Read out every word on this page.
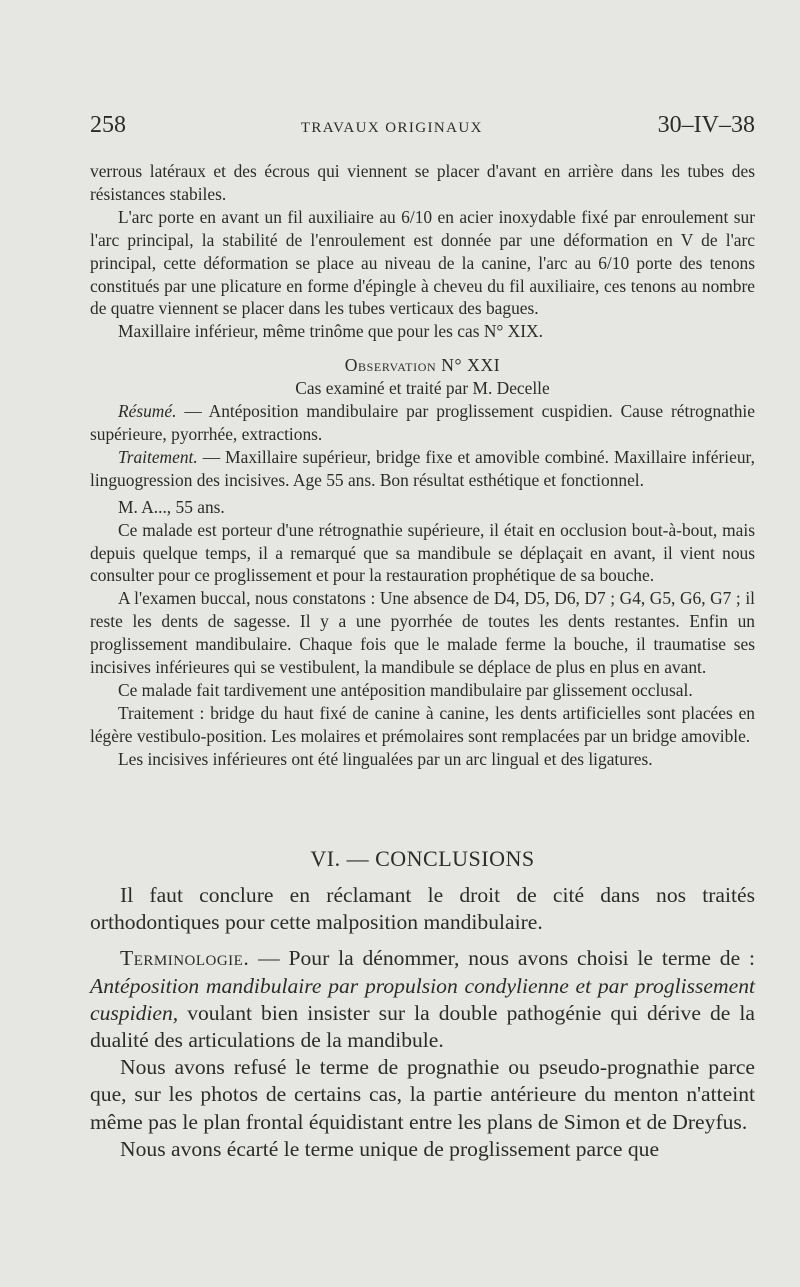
258	TRAVAUX ORIGINAUX	30–IV–38

verrous latéraux et des écrous qui viennent se placer d'avant en arrière dans les tubes des résistances stabiles.

L'arc porte en avant un fil auxiliaire au 6/10 en acier inoxydable fixé par enroulement sur l'arc principal, la stabilité de l'enroulement est donnée par une déformation en V de l'arc principal, cette déformation se place au niveau de la canine, l'arc au 6/10 porte des tenons constitués par une plicature en forme d'épingle à cheveu du fil auxiliaire, ces tenons au nombre de quatre viennent se placer dans les tubes verticaux des bagues.

Maxillaire inférieur, même trinôme que pour les cas N° XIX.

Observation N° XXI

Cas examiné et traité par M. Decelle

Résumé. — Antéposition mandibulaire par proglissement cuspidien. Cause rétrognathie supérieure, pyorrhée, extractions.

Traitement. — Maxillaire supérieur, bridge fixe et amovible combiné. Maxillaire inférieur, linguogression des incisives. Age 55 ans. Bon résultat esthétique et fonctionnel.

M. A..., 55 ans.

Ce malade est porteur d'une rétrognathie supérieure, il était en occlusion bout-à-bout, mais depuis quelque temps, il a remarqué que sa mandibule se déplaçait en avant, il vient nous consulter pour ce proglissement et pour la restauration prophétique de sa bouche.

A l'examen buccal, nous constatons : Une absence de D4, D5, D6, D7 ; G4, G5, G6, G7 ; il reste les dents de sagesse. Il y a une pyorrhée de toutes les dents restantes. Enfin un proglissement mandibulaire. Chaque fois que le malade ferme la bouche, il traumatise ses incisives inférieures qui se vestibulent, la mandibule se déplace de plus en plus en avant.

Ce malade fait tardivement une antéposition mandibulaire par glissement occlusal.

Traitement : bridge du haut fixé de canine à canine, les dents artificielles sont placées en légère vestibulo-position. Les molaires et prémolaires sont remplacées par un bridge amovible.

Les incisives inférieures ont été lingualées par un arc lingual et des ligatures.

VI. — CONCLUSIONS

Il faut conclure en réclamant le droit de cité dans nos traités orthodontiques pour cette malposition mandibulaire.

Terminologie. — Pour la dénommer, nous avons choisi le terme de : Antéposition mandibulaire par propulsion condylienne et par proglissement cuspidien, voulant bien insister sur la double pathogénie qui dérive de la dualité des articulations de la mandibule.

Nous avons refusé le terme de prognathie ou pseudo-prognathie parce que, sur les photos de certains cas, la partie antérieure du menton n'atteint même pas le plan frontal équidistant entre les plans de Simon et de Dreyfus.

Nous avons écarté le terme unique de proglissement parce que
